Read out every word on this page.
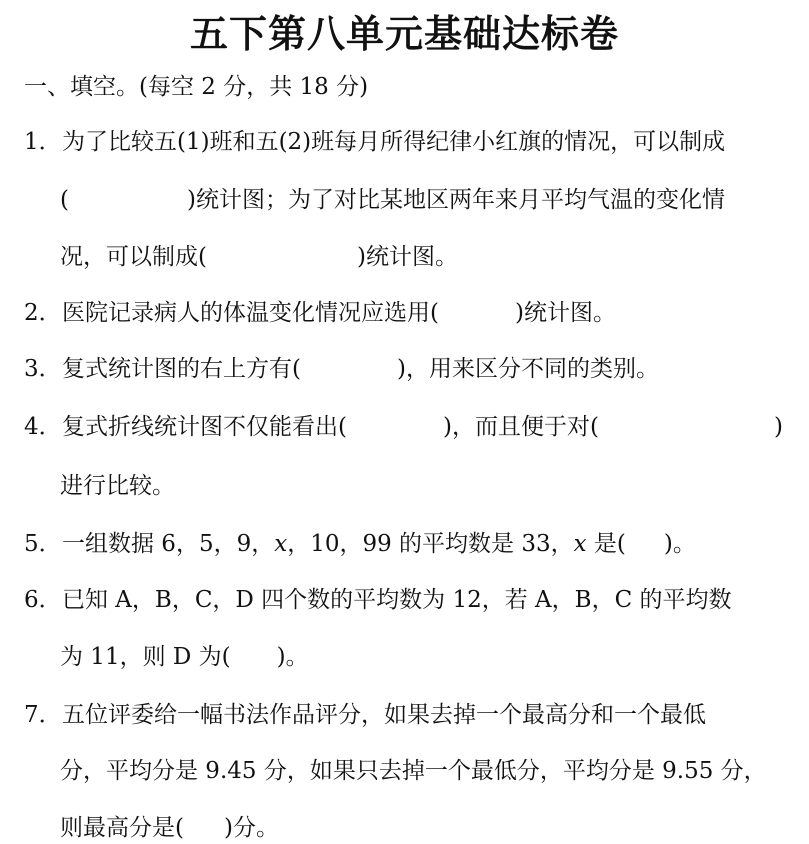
五下第八单元基础达标卷
一、填空。(每空 2 分，共 18 分)
1．为了比较五(1)班和五(2)班每月所得纪律小红旗的情况，可以制成
(	)统计图；为了对比某地区两年来月平均气温的变化情
况，可以制成(	)统计图。
2．医院记录病人的体温变化情况应选用(	)统计图。
3．复式统计图的右上方有(	)，用来区分不同的类别。
4．复式折线统计图不仅能看出(	)，而且便于对(	)
进行比较。
5．一组数据 6，5，9，x，10，99 的平均数是 33，x 是( )。
6．已知 A，B，C，D 四个数的平均数为 12，若 A，B，C 的平均数
为 11，则 D 为( )。
7．五位评委给一幅书法作品评分，如果去掉一个最高分和一个最低
分，平均分是 9.45 分，如果只去掉一个最低分，平均分是 9.55 分，
则最高分是( )分。
